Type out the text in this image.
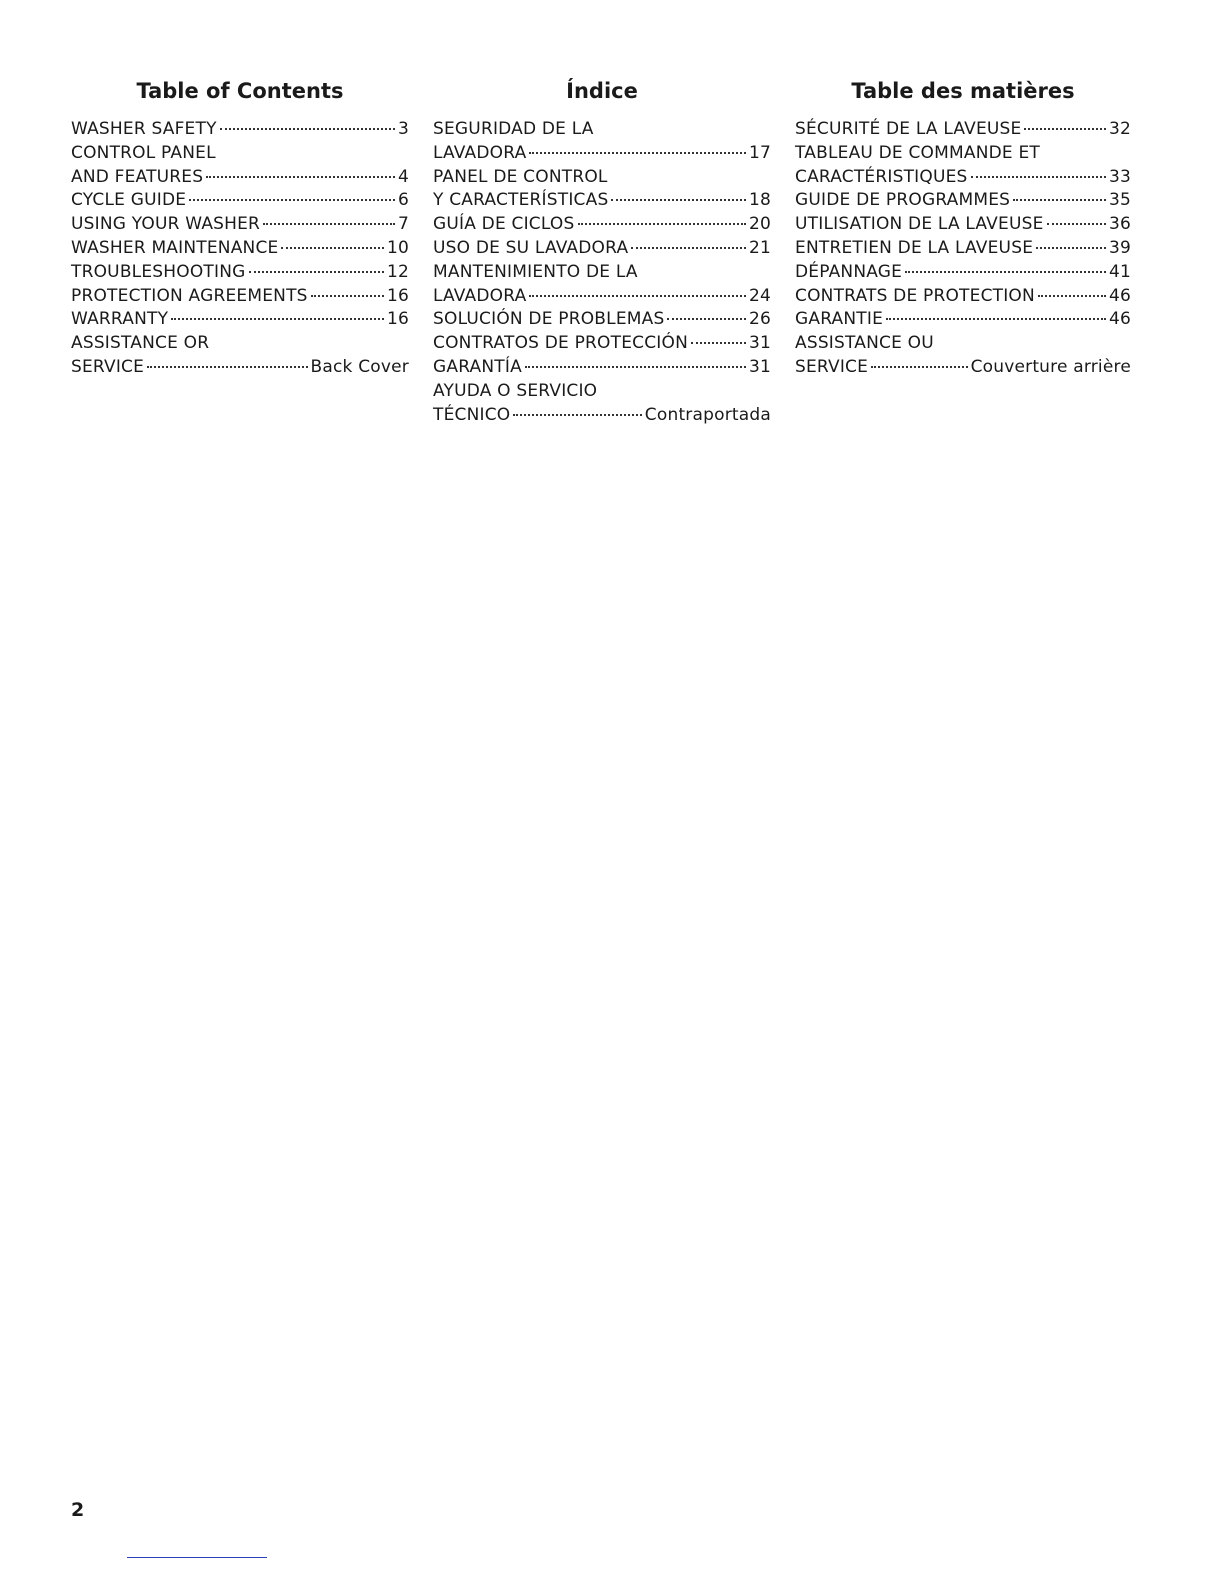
Table of Contents
WASHER SAFETY	3
CONTROL PANEL
AND FEATURES	4
CYCLE GUIDE	6
USING YOUR WASHER	7
WASHER MAINTENANCE	10
TROUBLESHOOTING	12
PROTECTION AGREEMENTS	16
WARRANTY	16
ASSISTANCE OR
SERVICE	Back Cover
Índice
SEGURIDAD DE LA
LAVADORA	17
PANEL DE CONTROL
Y CARACTERÍSTICAS	18
GUÍA DE CICLOS	20
USO DE SU LAVADORA	21
MANTENIMIENTO DE LA
LAVADORA	24
SOLUCIÓN DE PROBLEMAS	26
CONTRATOS DE PROTECCIÓN	31
GARANTÍA	31
AYUDA O SERVICIO
TÉCNICO	Contraportada
Table des matières
SÉCURITÉ DE LA LAVEUSE	32
TABLEAU DE COMMANDE ET
CARACTÉRISTIQUES	33
GUIDE DE PROGRAMMES	35
UTILISATION DE LA LAVEUSE	36
ENTRETIEN DE LA LAVEUSE	39
DÉPANNAGE	41
CONTRATS DE PROTECTION	46
GARANTIE	46
ASSISTANCE OU
SERVICE	Couverture arrière
2
